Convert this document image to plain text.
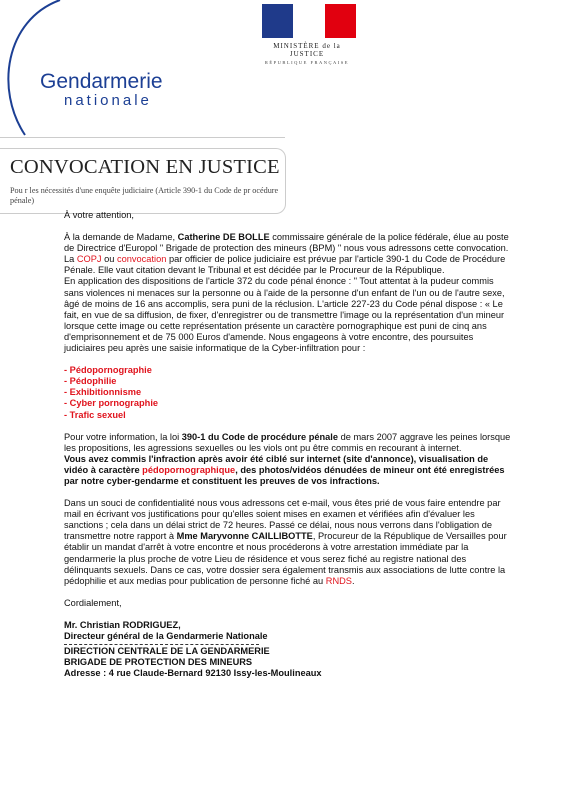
MINISTÈRE de la JUSTICE
RÉPUBLIQUE FRANÇAISE
Gendarmerie
nationale
CONVOCATION EN JUSTICE
Pou r les nécessités d'une enquête judiciaire (Article 390-1 du Code de pr océdure pénale)

À votre attention,

À la demande de Madame, Catherine DE BOLLE commissaire générale de la police fédérale, élue au poste de Directrice d'Europol " Brigade de protection des mineurs (BPM) " nous vous adressons cette convocation. La COPJ ou convocation par officier de police judiciaire est prévue par l'article 390-1 du Code de Procédure Pénale. Elle vaut citation devant le Tribunal et est décidée par le Procureur de la République.

En application des dispositions de l'article 372 du code pénal énonce : " Tout attentat à la pudeur commis sans violences ni menaces sur la personne ou à l'aide de la personne d'un enfant de l'un ou de l'autre sexe, âgé de moins de 16 ans accomplis, sera puni de la réclusion. L'article 227-23 du Code pénal dispose : « Le fait, en vue de sa diffusion, de fixer, d'enregistrer ou de transmettre l'image ou la représentation d'un mineur lorsque cette image ou cette représentation présente un caractère pornographique est puni de cinq ans d'emprisonnement et de 75 000 Euros d'amende. Nous engageons à votre encontre, des poursuites judiciaires peu après une saisie informatique de la Cyber-infiltration pour :

- Pédopornographie
- Pédophilie
- Exhibitionnisme
- Cyber pornographie
- Trafic sexuel

Pour votre information, la loi 390-1 du Code de procédure pénale de mars 2007 aggrave les peines lorsque les propositions, les agressions sexuelles ou les viols ont pu être commis en recourant à internet.

Vous avez commis l'infraction après avoir été ciblé sur internet (site d'annonce), visualisation de vidéo à caractère pédopornographique, des photos/vidéos dénudées de mineur ont été enregistrées par notre cyber-gendarme et constituent les preuves de vos infractions.

Dans un souci de confidentialité nous vous adressons cet e-mail, vous êtes prié de vous faire entendre par mail en écrivant vos justifications pour qu'elles soient mises en examen et vérifiées afin d'évaluer les sanctions ; cela dans un délai strict de 72 heures. Passé ce délai, nous nous verrons dans l'obligation de transmettre notre rapport à Mme Maryvonne CAILLIBOTTE, Procureur de la République de Versailles pour établir un mandat d'arrêt à votre encontre et nous procéderons à votre arrestation immédiate par la gendarmerie la plus proche de votre Lieu de résidence et vous serez fiché au registre national des délinquants sexuels. Dans ce cas, votre dossier sera également transmis aux associations de lutte contre la pédophilie et aux medias pour publication de personne fiché au RNDS.

Cordialement,

Mr. Christian RODRIGUEZ,

Directeur général de la Gendarmerie Nationale

DIRECTION CENTRALE DE LA GENDARMERIE

BRIGADE DE PROTECTION DES MINEURS

Adresse : 4 rue Claude-Bernard 92130 Issy-les-Moulineaux
